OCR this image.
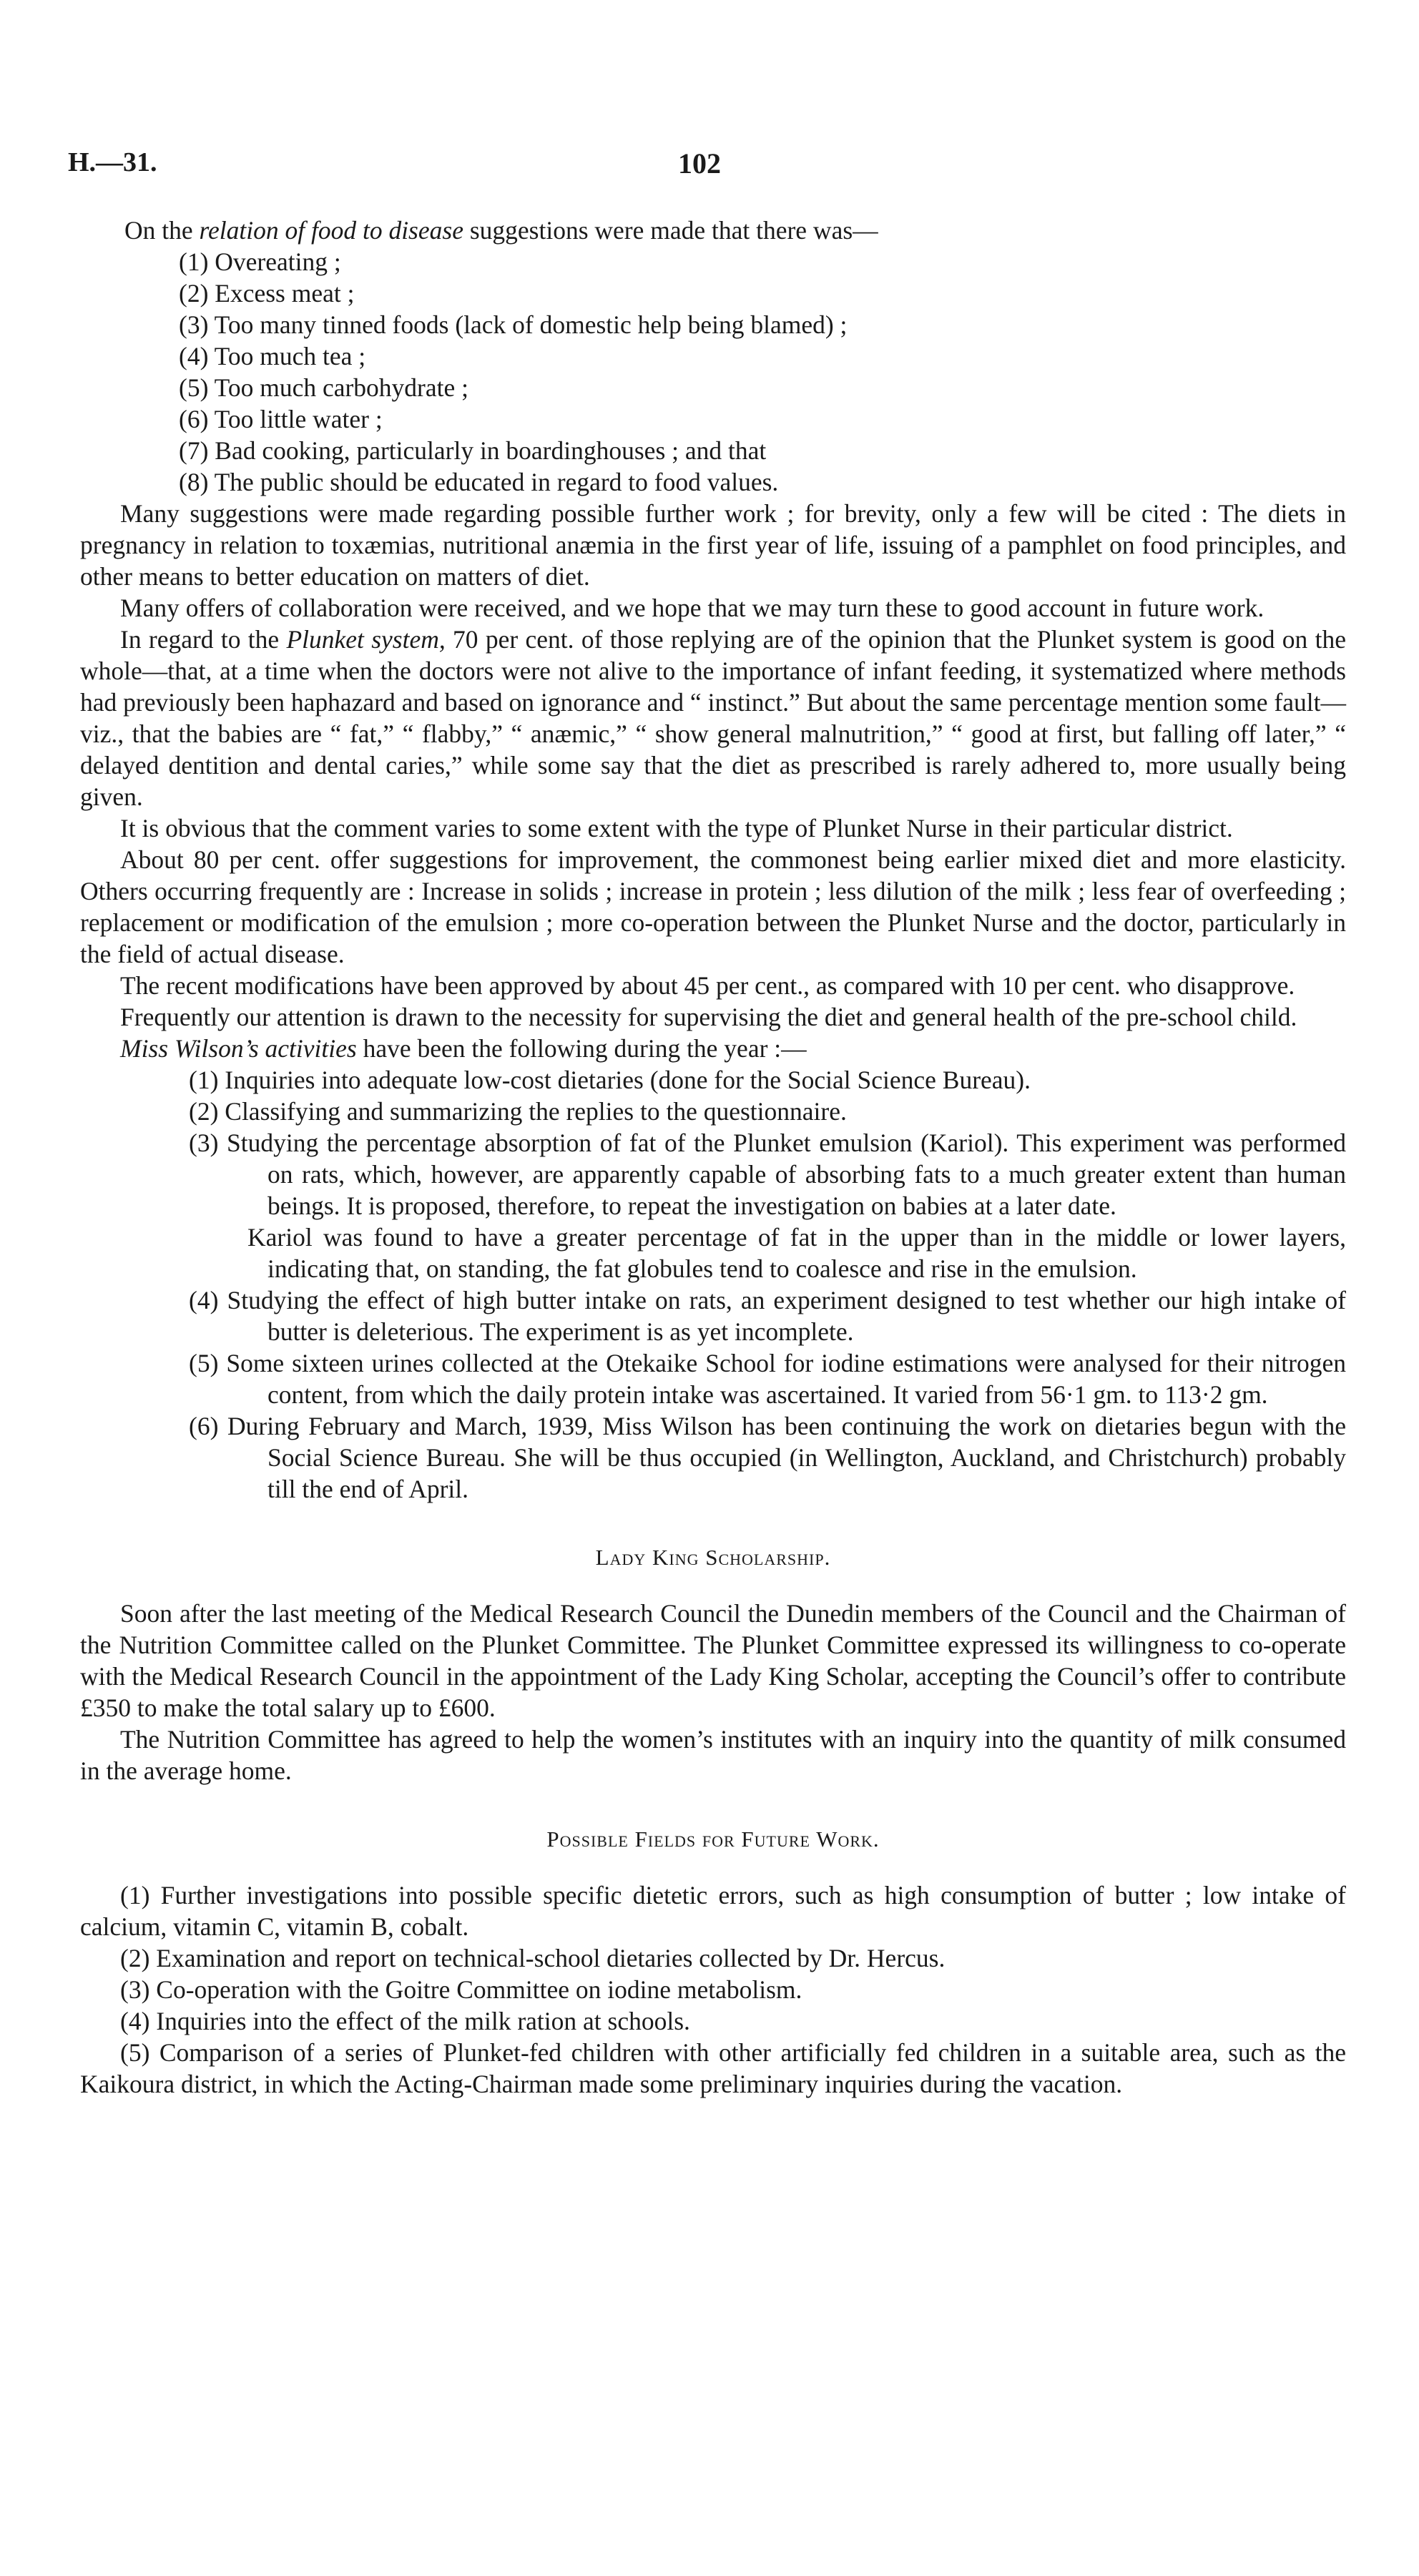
H.—31.	102

On the relation of food to disease suggestions were made that there was—

(1) Overeating ;
(2) Excess meat ;
(3) Too many tinned foods (lack of domestic help being blamed) ;
(4) Too much tea ;
(5) Too much carbohydrate ;
(6) Too little water ;
(7) Bad cooking, particularly in boardinghouses ; and that
(8) The public should be educated in regard to food values.

Many suggestions were made regarding possible further work ; for brevity, only a few will be cited : The diets in pregnancy in relation to toxæmias, nutritional anæmia in the first year of life, issuing of a pamphlet on food principles, and other means to better education on matters of diet.

Many offers of collaboration were received, and we hope that we may turn these to good account in future work.

In regard to the Plunket system, 70 per cent. of those replying are of the opinion that the Plunket system is good on the whole—that, at a time when the doctors were not alive to the importance of infant feeding, it systematized where methods had previously been haphazard and based on ignorance and “ instinct.” But about the same percentage mention some fault—viz., that the babies are “ fat,” “ flabby,” “ anæmic,” “ show general malnutrition,” “ good at first, but falling off later,” “ delayed dentition and dental caries,” while some say that the diet as prescribed is rarely adhered to, more usually being given.

It is obvious that the comment varies to some extent with the type of Plunket Nurse in their particular district.

About 80 per cent. offer suggestions for improvement, the commonest being earlier mixed diet and more elasticity. Others occurring frequently are : Increase in solids ; increase in protein ; less dilution of the milk ; less fear of overfeeding ; replacement or modification of the emulsion ; more co-operation between the Plunket Nurse and the doctor, particularly in the field of actual disease.

The recent modifications have been approved by about 45 per cent., as compared with 10 per cent. who disapprove.

Frequently our attention is drawn to the necessity for supervising the diet and general health of the pre-school child.

Miss Wilson’s activities have been the following during the year :—

(1) Inquiries into adequate low-cost dietaries (done for the Social Science Bureau).
(2) Classifying and summarizing the replies to the questionnaire.
(3) Studying the percentage absorption of fat of the Plunket emulsion (Kariol). This experiment was performed on rats, which, however, are apparently capable of absorbing fats to a much greater extent than human beings. It is proposed, therefore, to repeat the investigation on babies at a later date.
Kariol was found to have a greater percentage of fat in the upper than in the middle or lower layers, indicating that, on standing, the fat globules tend to coalesce and rise in the emulsion.
(4) Studying the effect of high butter intake on rats, an experiment designed to test whether our high intake of butter is deleterious. The experiment is as yet incomplete.
(5) Some sixteen urines collected at the Otekaike School for iodine estimations were analysed for their nitrogen content, from which the daily protein intake was ascertained. It varied from 56·1 gm. to 113·2 gm.
(6) During February and March, 1939, Miss Wilson has been continuing the work on dietaries begun with the Social Science Bureau. She will be thus occupied (in Wellington, Auckland, and Christchurch) probably till the end of April.
Lady King Scholarship.

Soon after the last meeting of the Medical Research Council the Dunedin members of the Council and the Chairman of the Nutrition Committee called on the Plunket Committee. The Plunket Committee expressed its willingness to co-operate with the Medical Research Council in the appointment of the Lady King Scholar, accepting the Council’s offer to contribute £350 to make the total salary up to £600.

The Nutrition Committee has agreed to help the women’s institutes with an inquiry into the quantity of milk consumed in the average home.

Possible Fields for Future Work.

(1) Further investigations into possible specific dietetic errors, such as high consumption of butter ; low intake of calcium, vitamin C, vitamin B, cobalt.

(2) Examination and report on technical-school dietaries collected by Dr. Hercus.

(3) Co-operation with the Goitre Committee on iodine metabolism.

(4) Inquiries into the effect of the milk ration at schools.

(5) Comparison of a series of Plunket-fed children with other artificially fed children in a suitable area, such as the Kaikoura district, in which the Acting-Chairman made some preliminary inquiries during the vacation.
